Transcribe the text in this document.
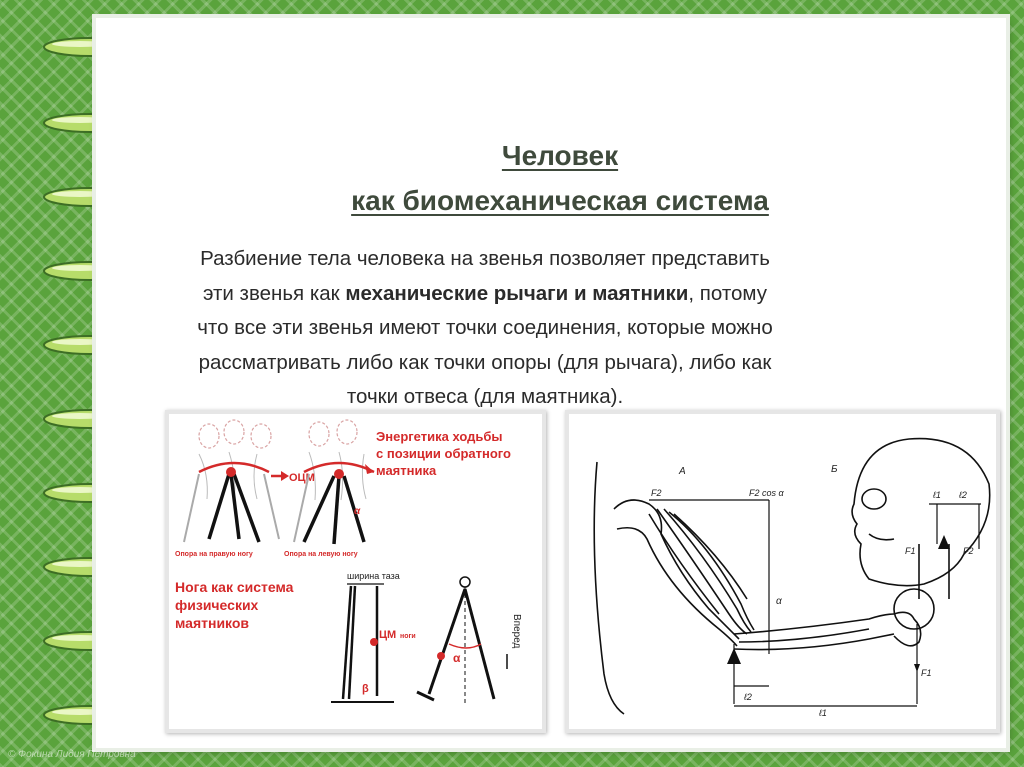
Человек
как биомеханическая система
Разбиение тела человека на звенья позволяет представить эти звенья как механические рычаги и маятники, потому что все эти звенья имеют точки соединения, которые можно рассматривать либо как точки опоры (для рычага), либо как точки отвеса (для маятника).
ОЦМ
α
Опора на правую ногу	Опора на левую ногу
Энергетика ходьбы
с позиции обратного
маятника
Нога как система
физических
маятников
ширина таза
ЦМ ноги
β
α
Вперед
А	Б
F2	F2 cos α
α
F1
ℓ2
ℓ1
ℓ1 ℓ2
F1	F2
© Фокина Лидия Петровна
